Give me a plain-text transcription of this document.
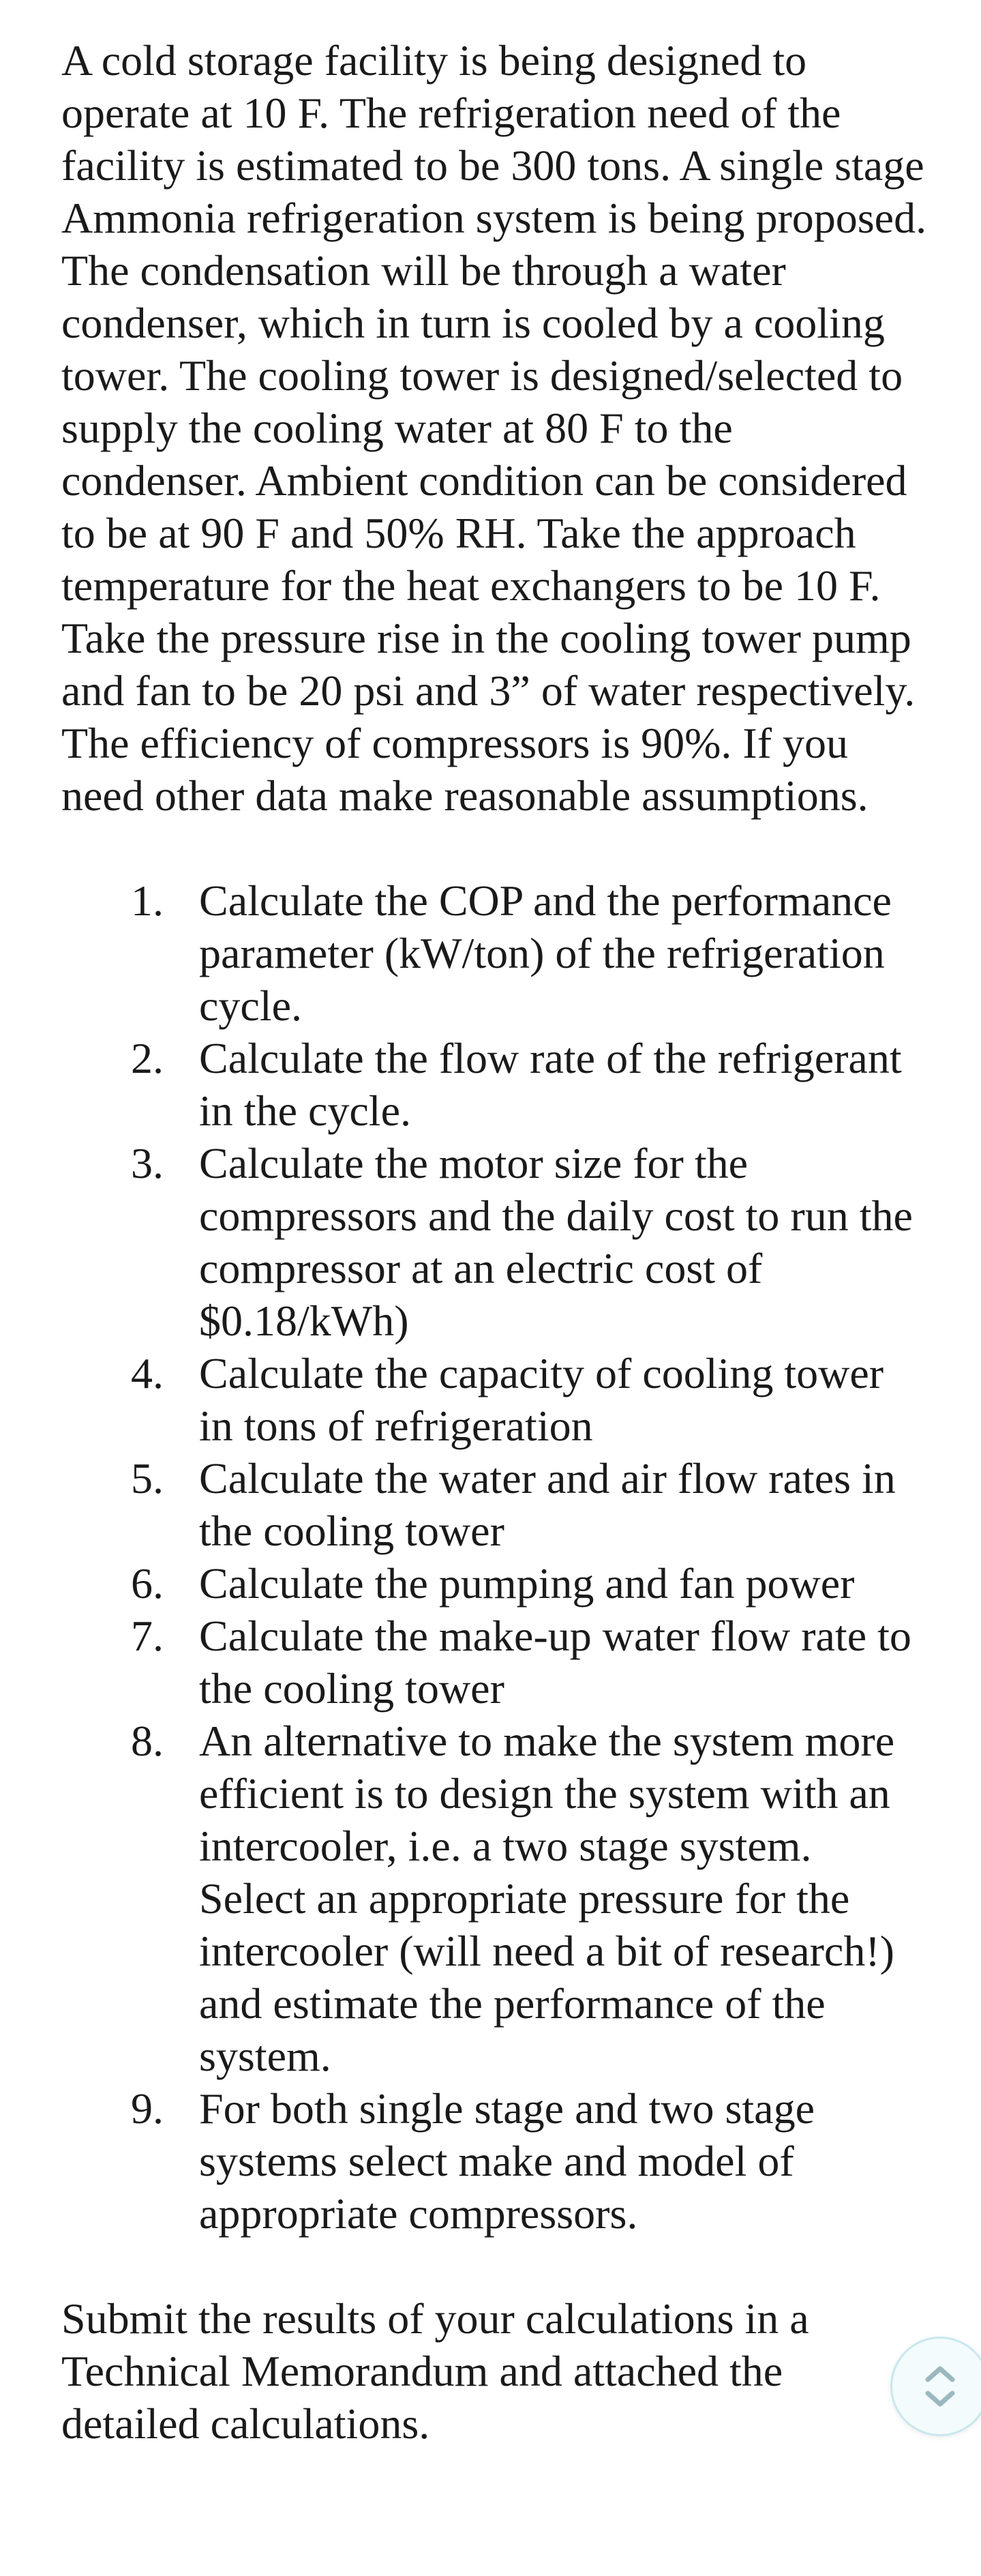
A cold storage facility is being designed to operate at 10 F. The refrigeration need of the facility is estimated to be 300 tons. A single stage Ammonia refrigeration system is being proposed. The condensation will be through a water condenser, which in turn is cooled by a cooling tower. The cooling tower is designed/selected to supply the cooling water at 80 F to the condenser. Ambient condition can be considered to be at 90 F and 50% RH. Take the approach temperature for the heat exchangers to be 10 F. Take the pressure rise in the cooling tower pump and fan to be 20 psi and 3” of water respectively. The efficiency of compressors is 90%. If you need other data make reasonable assumptions.

1. Calculate the COP and the performance parameter (kW/ton) of the refrigeration cycle.
2. Calculate the flow rate of the refrigerant in the cycle.
3. Calculate the motor size for the compressors and the daily cost to run the compressor at an electric cost of $0.18/kWh)
4. Calculate the capacity of cooling tower in tons of refrigeration
5. Calculate the water and air flow rates in the cooling tower
6. Calculate the pumping and fan power
7. Calculate the make-up water flow rate to the cooling tower
8. An alternative to make the system more efficient is to design the system with an intercooler, i.e. a two stage system. Select an appropriate pressure for the intercooler (will need a bit of research!) and estimate the performance of the system.
9. For both single stage and two stage systems select make and model of appropriate compressors.

Submit the results of your calculations in a Technical Memorandum and attached the detailed calculations.
